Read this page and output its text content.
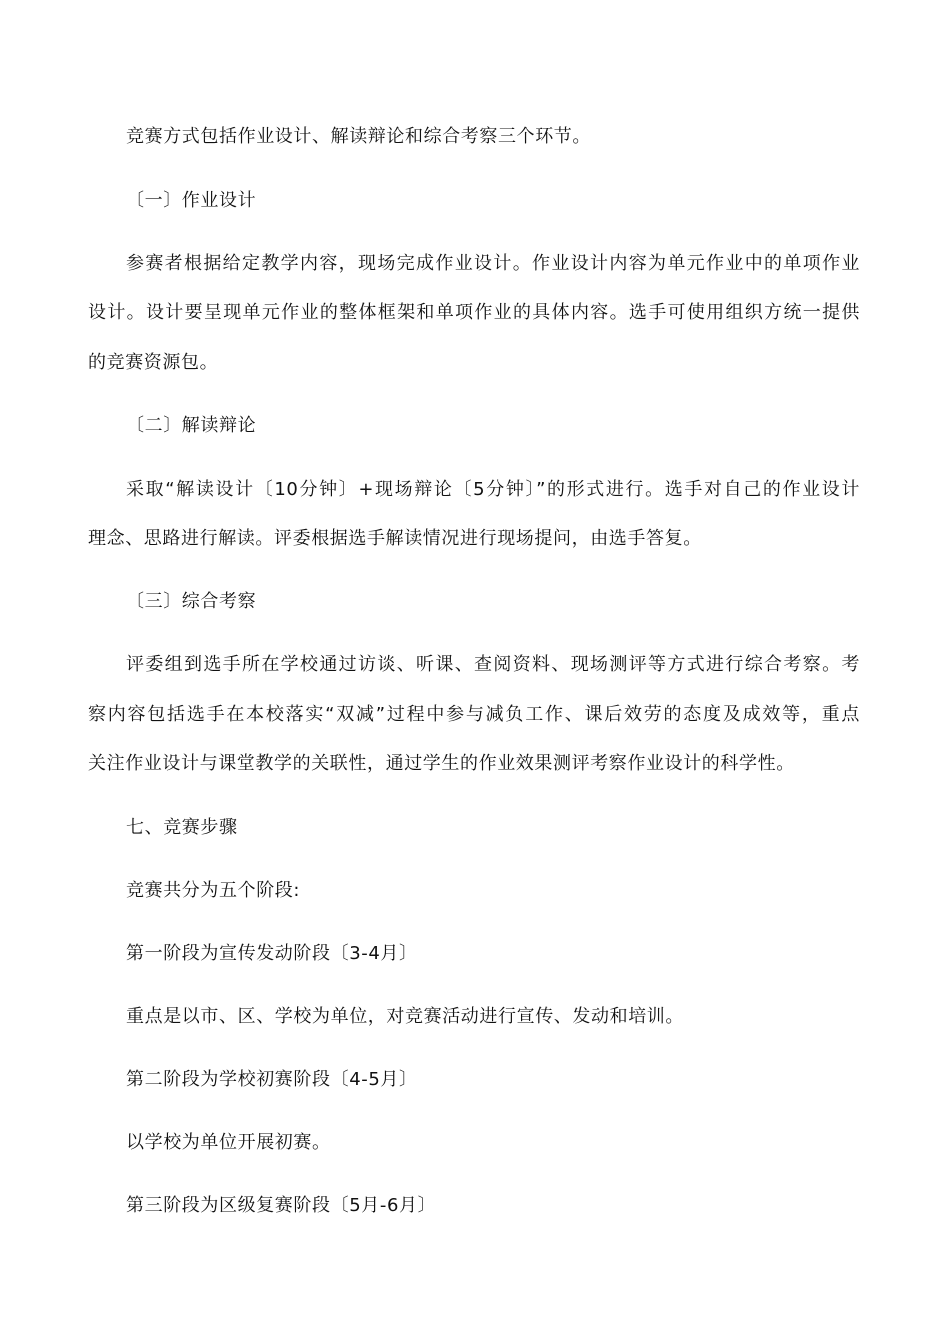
竞赛方式包括作业设计、解读辩论和综合考察三个环节。
〔一〕作业设计
参赛者根据给定教学内容，现场完成作业设计。作业设计内容为单元作业中的单项作业
设计。设计要呈现单元作业的整体框架和单项作业的具体内容。选手可使用组织方统一提供
的竞赛资源包。
〔二〕解读辩论
采取“解读设计〔10分钟〕+现场辩论〔5分钟〕”的形式进行。选手对自己的作业设计
理念、思路进行解读。评委根据选手解读情况进行现场提问，由选手答复。
〔三〕综合考察
评委组到选手所在学校通过访谈、听课、查阅资料、现场测评等方式进行综合考察。考
察内容包括选手在本校落实“双减”过程中参与减负工作、课后效劳的态度及成效等，重点
关注作业设计与课堂教学的关联性，通过学生的作业效果测评考察作业设计的科学性。
七、竞赛步骤
竞赛共分为五个阶段:
第一阶段为宣传发动阶段〔3-4月〕
重点是以市、区、学校为单位，对竞赛活动进行宣传、发动和培训。
第二阶段为学校初赛阶段〔4-5月〕
以学校为单位开展初赛。
第三阶段为区级复赛阶段〔5月-6月〕
